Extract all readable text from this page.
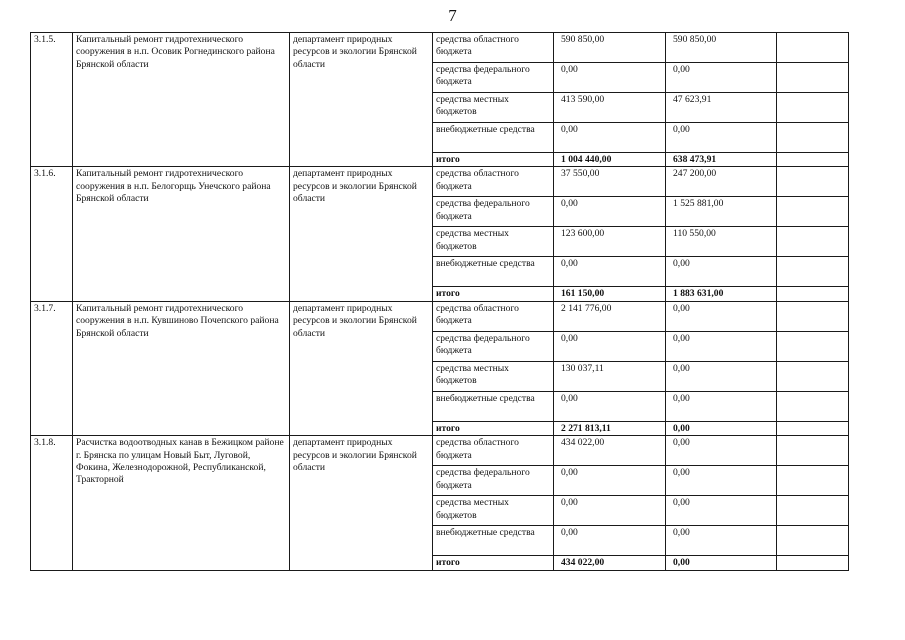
7
3.1.5.	Капитальный ремонт гидротехнического сооружения в н.п. Осовик Рогнединского района Брянской области	департамент природных ресурсов и экологии Брянской области	средства областного бюджета	590 850,00	590 850,00	
			средства федерального бюджета	0,00	0,00	
			средства местных бюджетов	413 590,00	47 623,91	
			внебюджетные средства	0,00	0,00	
			итого	1 004 440,00	638 473,91	
3.1.6.	Капитальный ремонт гидротехнического сооружения в н.п. Белогорщь Унечского района Брянской области	департамент природных ресурсов и экологии Брянской области	средства областного бюджета	37 550,00	247 200,00	
			средства федерального бюджета	0,00	1 525 881,00	
			средства местных бюджетов	123 600,00	110 550,00	
			внебюджетные средства	0,00	0,00	
			итого	161 150,00	1 883 631,00	
3.1.7.	Капитальный ремонт гидротехнического сооружения в н.п. Кувшиново Почепского района Брянской области	департамент природных ресурсов и экологии Брянской области	средства областного бюджета	2 141 776,00	0,00	
			средства федерального бюджета	0,00	0,00	
			средства местных бюджетов	130 037,11	0,00	
			внебюджетные средства	0,00	0,00	
			итого	2 271 813,11	0,00	
3.1.8.	Расчистка водоотводных канав в Бежицком районе г. Брянска по улицам Новый Быт, Луговой, Фокина, Железнодорожной, Республиканской, Тракторной	департамент природных ресурсов и экологии Брянской области	средства областного бюджета	434 022,00	0,00	
			средства федерального бюджета	0,00	0,00	
			средства местных бюджетов	0,00	0,00	
			внебюджетные средства	0,00	0,00	
			итого	434 022,00	0,00	
